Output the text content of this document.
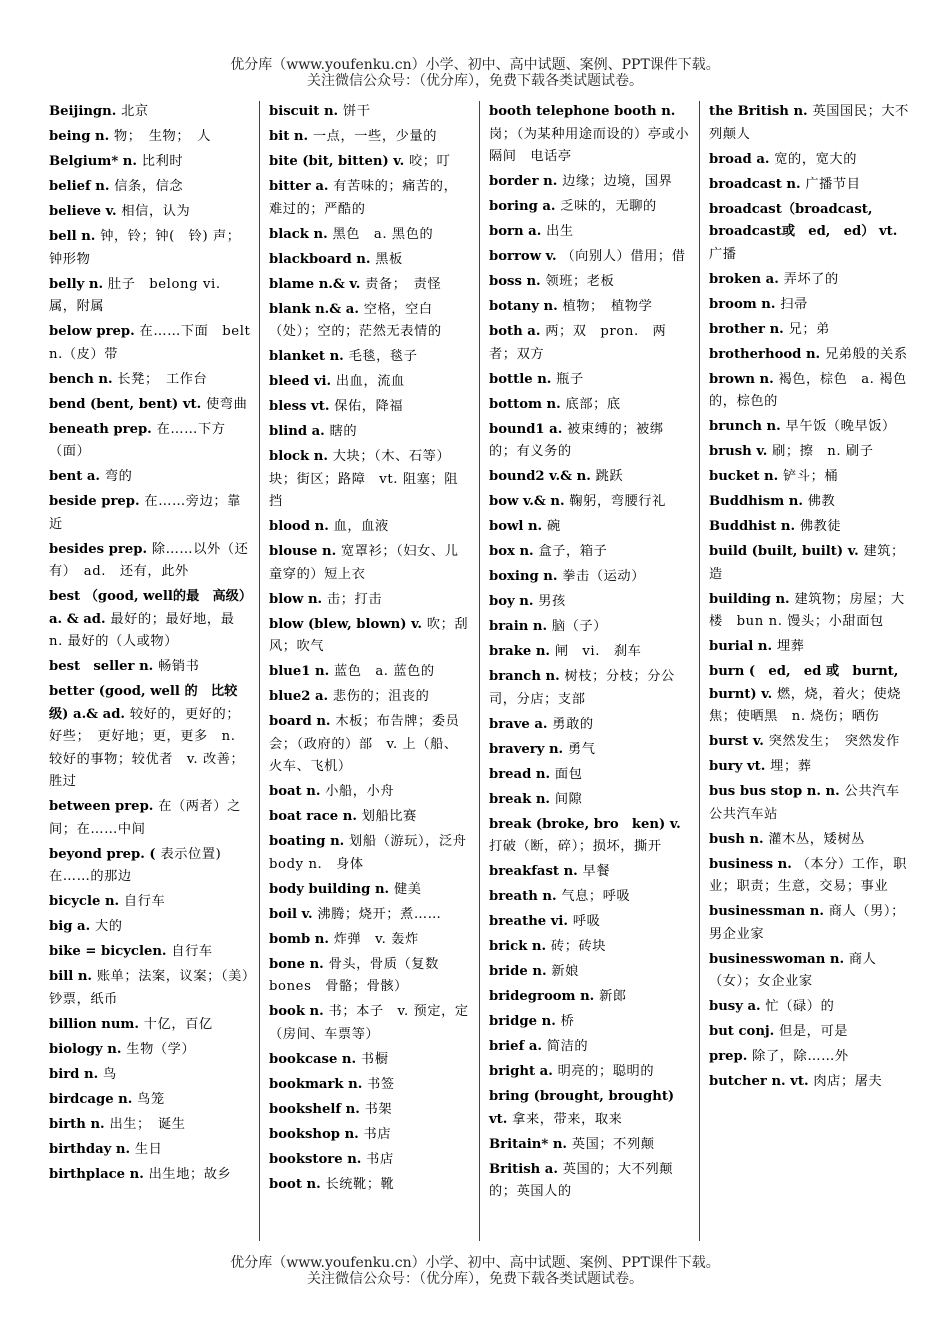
优分库（www.youfenku.cn）小学、初中、高中试题、案例、PPT课件下载。
关注微信公众号：（优分库），免费下载各类试题试卷。
Beijingn. 北京
being n. 物；　生物；　人
Belgium* n. 比利时
belief n. 信条，信念
believe v. 相信，认为
bell n. 钟，铃；钟(　铃) 声；钟形物
belly n. 肚子　belong vi. 属，附属
below prep. 在……下面　belt n.（皮）带
bench n. 长凳；　工作台
bend (bent, bent) vt. 使弯曲
beneath prep. 在……下方（面）
bent a. 弯的
beside prep. 在……旁边；靠近
besides prep. 除……以外（还有）　ad.　还有，此外
best （good, well的最　高级）　a. & ad. 最好的；最好地，最　n. 最好的（人或物）
best　seller n. 畅销书
better (good, well 的　比较级) a.& ad. 较好的，更好的；好些；　更好地；更，更多　n. 较好的事物；较优者　v. 改善；胜过
between prep. 在（两者）之间；在……中间
beyond prep. ( 表示位置)　在……的那边
bicycle n. 自行车
big a. 大的
bike = bicyclen. 自行车
bill n. 账单；法案，议案；（美）钞票，纸币
billion num. 十亿，百亿
biology n. 生物（学）
bird n. 鸟
birdcage n. 鸟笼
birth n. 出生；　诞生
birthday n. 生日
birthplace n. 出生地；故乡
biscuit n. 饼干
bit n. 一点，一些，少量的
bite (bit, bitten) v. 咬；叮
bitter a. 有苦味的；痛苦的，难过的；严酷的
black n. 黑色　a. 黑色的
blackboard n. 黑板
blame n.& v. 责备；　责怪
blank n.& a. 空格，空白（处）；空的；茫然无表情的
blanket n. 毛毯，毯子
bleed vi. 出血，流血
bless vt. 保佑，降福
blind a. 瞎的
block n. 大块；（木、石等）块；街区；路障　vt. 阻塞；阻挡
blood n. 血，血液
blouse n. 宽罩衫；（妇女、儿童穿的）短上衣
blow n. 击；打击
blow (blew, blown) v. 吹；刮风；吹气
blue1 n. 蓝色　a. 蓝色的
blue2 a. 悲伤的；沮丧的
board n. 木板；布告牌；委员会；（政府的）部　v. 上（船、火车、飞机）
boat n. 小船，小舟
boat race n. 划船比赛
boating n. 划船（游玩），泛舟　body n.　身体
body building n. 健美
boil v. 沸腾；烧开；煮……
bomb n. 炸弹　v. 轰炸
bone n. 骨头，骨质（复数bones　骨骼；骨骸）
book n. 书；本子　v. 预定，定（房间、车票等）
bookcase n. 书橱
bookmark n. 书签
bookshelf n. 书架
bookshop n. 书店
bookstore n. 书店
boot n. 长统靴；靴
booth telephone booth n. 岗；（为某种用途而设的）亭或小隔间　电话亭
border n. 边缘；边境，国界
boring a. 乏味的，无聊的
born a. 出生
borrow v. （向别人）借用；借
boss n. 领班；老板
botany n. 植物；　植物学
both a. 两；双　pron.　两者；双方
bottle n. 瓶子
bottom n. 底部；底
bound1 a. 被束缚的；被绑的；有义务的
bound2 v.& n. 跳跃
bow v.& n. 鞠躬，弯腰行礼
bowl n. 碗
box n. 盒子，箱子
boxing n. 拳击（运动）
boy n. 男孩
brain n. 脑（子）
brake n. 闸　vi.　刹车
branch n. 树枝；分枝；分公司，分店；支部
brave a. 勇敢的
bravery n. 勇气
bread n. 面包
break n. 间隙
break (broke, bro　ken) v. 打破（断，碎）；损坏，撕开
breakfast n. 早餐
breath n. 气息；呼吸
breathe vi. 呼吸
brick n. 砖；砖块
bride n. 新娘
bridegroom n. 新郎
bridge n. 桥
brief a. 简洁的
bright a. 明亮的；聪明的
bring (brought, brought) vt. 拿来，带来，取来
Britain* n. 英国；不列颠
British a. 英国的；大不列颠的；英国人的
the British n. 英国国民；大不列颠人
broad a. 宽的，宽大的
broadcast n. 广播节目
broadcast（broadcast, broadcast或　ed,　ed） vt. 广播
broken a. 弄坏了的
broom n. 扫帚
brother n. 兄；弟
brotherhood n. 兄弟般的关系
brown n. 褐色，棕色　a. 褐色的，棕色的
brunch n. 早午饭（晚早饭）
brush v. 刷；擦　n. 刷子
bucket n. 铲斗；桶
Buddhism n. 佛教
Buddhist n. 佛教徒
build (built, built) v. 建筑；造
building n. 建筑物；房屋；大楼　bun n. 馒头；小甜面包
burial n. 埋葬
burn (　ed,　ed 或　burnt, burnt) v. 燃，烧，着火；使烧焦；使晒黑　n. 烧伤；晒伤
burst v. 突然发生；　突然发作
bury vt. 埋；葬
bus bus stop n. n. 公共汽车　公共汽车站
bush n. 灌木丛，矮树丛
business n. （本分）工作，职业；职责；生意，交易；事业
businessman n. 商人（男）；男企业家
businesswoman n. 商人（女）；女企业家
busy a. 忙（碌）的
but conj. 但是，可是
prep. 除了，除……外
butcher n. vt. 肉店；屠夫
优分库（www.youfenku.cn）小学、初中、高中试题、案例、PPT课件下载。
关注微信公众号：（优分库），免费下载各类试题试卷。
